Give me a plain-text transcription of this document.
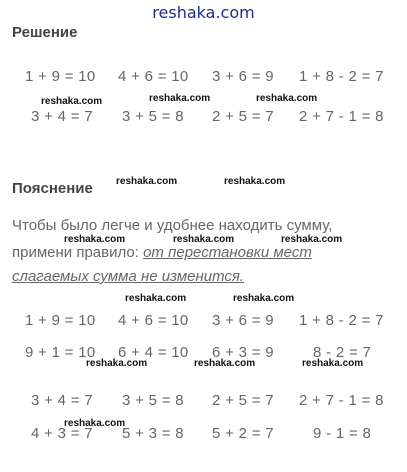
reshaka.com
Решение
1 + 9 = 10 4 + 6 = 10 3 + 6 = 9 1 + 8 - 2 = 7
3 + 4 = 7 3 + 5 = 8 2 + 5 = 7 2 + 7 - 1 = 8
Пояснение
Чтобы было легче и удобнее находить сумму,
примени правило: от перестановки мест
слагаемых сумма не изменится.
1 + 9 = 10 4 + 6 = 10 3 + 6 = 9 1 + 8 - 2 = 7
9 + 1 = 10 6 + 4 = 10 6 + 3 = 9	8 - 2 = 7
3 + 4 = 7 3 + 5 = 8 2 + 5 = 7 2 + 7 - 1 = 8
4 + 3 = 7 5 + 3 = 8 5 + 2 = 7	9 - 1 = 8
reshaka.com	reshaka.com	reshaka.com
reshaka.com	reshaka.com
reshaka.com	reshaka.com	reshaka.com
reshaka.com	reshaka.com
reshaka.com	reshaka.com	reshaka.com
reshaka.com
